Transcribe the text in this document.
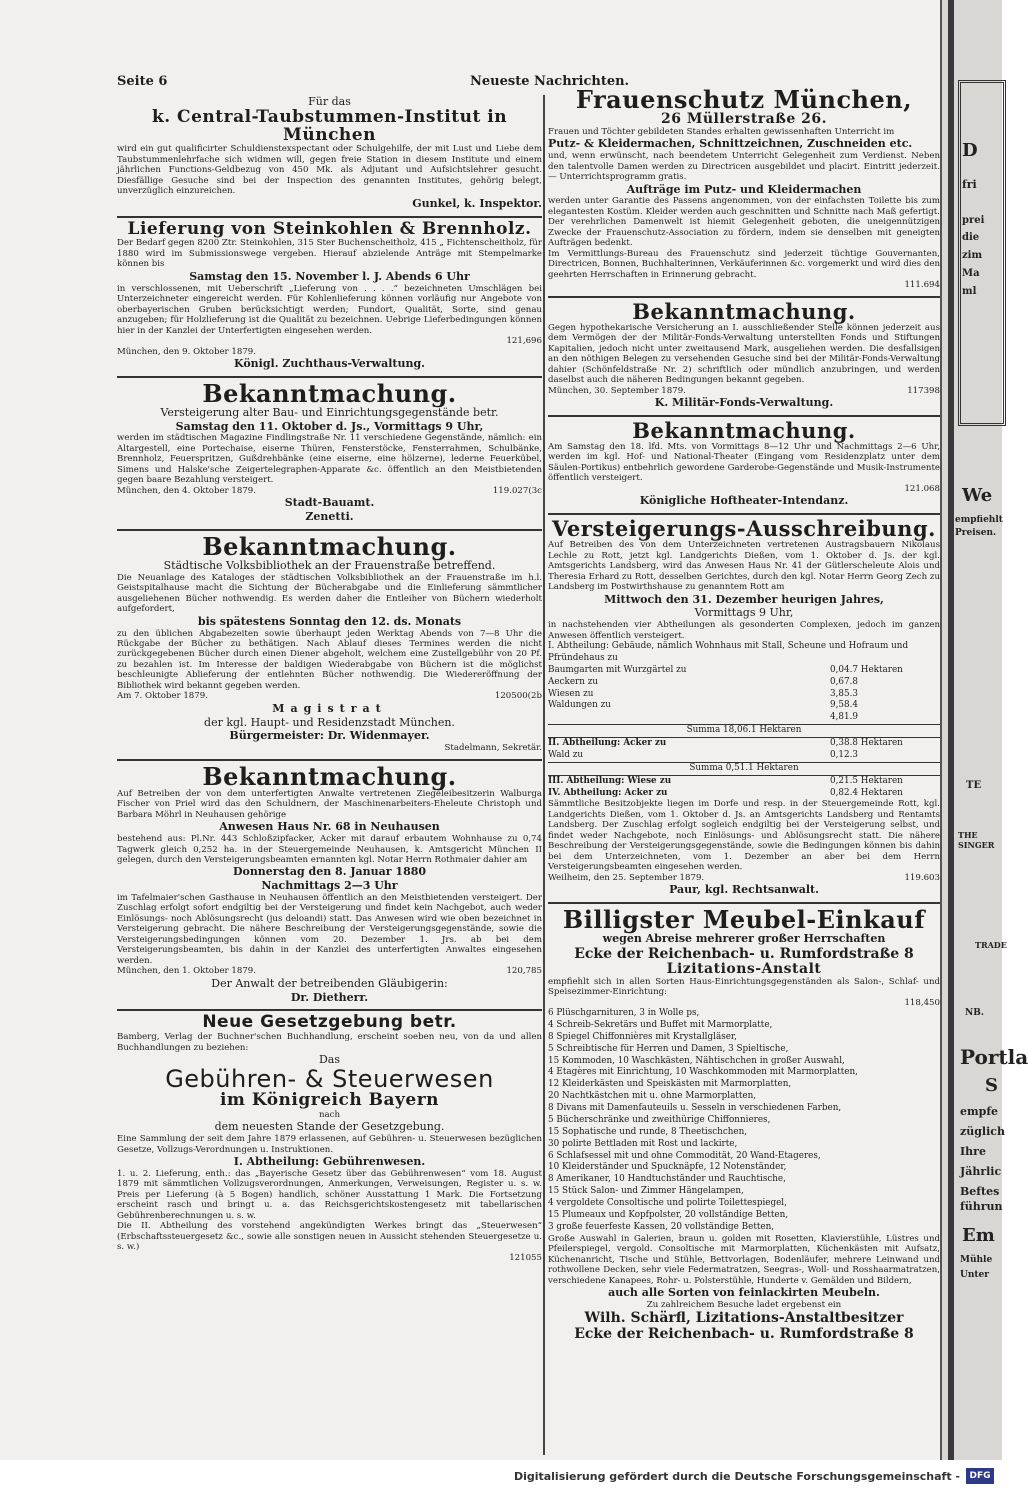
Seite 6	Neueste Nachrichten.
Für das
k. Central-Taubstummen-Institut in München
wird ein gut qualificirter Schuldienstexspectant oder Schulgehilfe, der mit Lust und Liebe dem Taubstummenlehrfache sich widmen will, gegen freie Station in diesem Institute und einem jährlichen Functions-Geldbezug von 450 Mk. als Adjutant und Aufsichtslehrer gesucht. Diesfällige Gesuche sind bei der Inspection des genannten Institutes, gehörig belegt, unverzüglich einzureichen.
Gunkel, k. Inspektor.
Lieferung von Steinkohlen & Brennholz.
Der Bedarf gegen 8200 Ztr. Steinkohlen, 315 Ster Buchenscheitholz, 415 „ Fichtenscheitholz, für 1880 wird im Submissionswege vergeben. Hierauf abzielende Anträge mit Stempelmarke können bis
Samstag den 15. November l. J. Abends 6 Uhr
in verschlossenen, mit Ueberschrift „Lieferung von . . . .“ bezeichneten Umschlägen bei Unterzeichneter eingereicht werden. Für Kohlenlieferung können vorläufig nur Angebote von oberbayerischen Gruben berücksichtigt werden; Fundort, Qualität, Sorte, sind genau anzugeben; für Holzlieferung ist die Qualität zu bezeichnen. Uebrige Lieferbedingungen können hier in der Kanzlei der Unterfertigten eingesehen werden.
121,696
München, den 9. Oktober 1879.
Königl. Zuchthaus-Verwaltung.
Bekanntmachung.
Versteigerung alter Bau- und Einrichtungsgegenstände betr.
Samstag den 11. Oktober d. Js., Vormittags 9 Uhr,
werden im städtischen Magazine Findlingstraße Nr. 11 verschiedene Gegenstände, nämlich: ein Altargestell, eine Portechaise, eiserne Thüren, Fensterstöcke, Fensterrahmen, Schulbänke, Brennholz, Feuerspritzen, Gußdrehbänke (eine eiserne, eine hölzerne), lederne Feuerkübel, Simens und Halske'sche Zeigertelegraphen-Apparate &c. öffentlich an den Meistbietenden gegen baare Bezahlung versteigert.
München, den 4. Oktober 1879.	119.027(3c
Stadt-Bauamt.
Zenetti.
Bekanntmachung.
Städtische Volksbibliothek an der Frauenstraße betreffend.
Die Neuanlage des Kataloges der städtischen Volksbibliothek an der Frauenstraße im h.l. Geistspitalhause macht die Sichtung der Bücherabgabe und die Einlieferung sämmtlicher ausgeliehenen Bücher nothwendig. Es werden daher die Entleiher von Büchern wiederholt aufgefordert,
bis spätestens Sonntag den 12. ds. Monats
zu den üblichen Abgabezeiten sowie überhaupt jeden Werktag Abends von 7—8 Uhr die Rückgabe der Bücher zu bethätigen. Nach Ablauf dieses Termines werden die nicht zurückgegebenen Bücher durch einen Diener abgeholt, welchem eine Zustellgebühr von 20 Pf. zu bezahlen ist. Im Interesse der baldigen Wiederabgabe von Büchern ist die möglichst beschleunigte Ablieferung der entlehnten Bücher nothwendig. Die Wiedereröffnung der Bibliothek wird bekannt gegeben werden.
Am 7. Oktober 1879.	120500(2b
Magistrat
der kgl. Haupt- und Residenzstadt München.
Bürgermeister: Dr. Widenmayer.
Stadelmann, Sekretär.
Bekanntmachung.
Auf Betreiben der von dem unterfertigten Anwalte vertretenen Ziegeleibesitzerin Walburga Fischer von Priel wird das den Schuldnern, der Maschinenarbeiters-Eheleute Christoph und Barbara Möhrl in Neuhausen gehörige
Anwesen Haus Nr. 68 in Neuhausen
bestehend aus: Pl.Nr. 443 Schloßzipfacker, Acker mit darauf erbautem Wohnhause zu 0,74 Tagwerk gleich 0,252 ha. in der Steuergemeinde Neuhausen, k. Amtsgericht München II gelegen, durch den Versteigerungsbeamten ernannten kgl. Notar Herrn Rothmaier dahier am
Donnerstag den 8. Januar 1880
Nachmittags 2—3 Uhr
im Tafelmaier'schen Gasthause in Neuhausen öffentlich an den Meistbietenden versteigert. Der Zuschlag erfolgt sofort endgiltig bei der Versteigerung und findet kein Nachgebot, auch weder Einlösungs- noch Ablösungsrecht (jus deloandi) statt. Das Anwesen wird wie oben bezeichnet in Versteigerung gebracht. Die nähere Beschreibung der Versteigerungsgegenstände, sowie die Versteigerungsbedingungen können vom 20. Dezember 1. Jrs. ab bei dem Versteigerungsbeamten, bis dahin in der Kanzlei des unterfertigten Anwaltes eingesehen werden.
München, den 1. Oktober 1879.	120,785
Der Anwalt der betreibenden Gläubigerin:
Dr. Dietherr.
Neue Gesetzgebung betr.
Bamberg, Verlag der Buchner'schen Buchhandlung, erscheint soeben neu, von da und allen Buchhandlungen zu beziehen:
Das
Gebühren- & Steuerwesen
im Königreich Bayern
nach
dem neuesten Stande der Gesetzgebung.
Eine Sammlung der seit dem Jahre 1879 erlassenen, auf Gebühren- u. Steuerwesen bezüglichen Gesetze, Vollzugs-Verordnungen u. Instruktionen.
I. Abtheilung: Gebührenwesen.
1. u. 2. Lieferung, enth.: das „Bayerische Gesetz über das Gebührenwesen“ vom 18. August 1879 mit sämmtlichen Vollzugsverordnungen, Anmerkungen, Verweisungen, Register u. s. w. Preis per Lieferung (à 5 Bogen) handlich, schöner Ausstattung 1 Mark. Die Fortsetzung erscheint rasch und bringt u. a. das Reichsgerichtskostengesetz mit tabellarischen Gebührenberechnungen u. s. w.
Die II. Abtheilung des vorstehend angekündigten Werkes bringt das „Steuerwesen“ (Erbschaftssteuergesetz &c., sowie alle sonstigen neuen in Aussicht stehenden Steuergesetze u. s. w.)
121055
Frauenschutz München,
26 Müllerstraße 26.
Frauen und Töchter gebildeten Standes erhalten gewissenhaften Unterricht im
Putz- & Kleidermachen, Schnittzeichnen, Zuschneiden etc.
und, wenn erwünscht, nach beendetem Unterricht Gelegenheit zum Verdienst. Neben den talentvolle Damen werden zu Directricen ausgebildet und placirt. Eintritt jederzeit. — Unterrichtsprogramm gratis.
Aufträge im Putz- und Kleidermachen
werden unter Garantie des Passens angenommen, von der einfachsten Toilette bis zum elegantesten Kostüm. Kleider werden auch geschnitten und Schnitte nach Maß gefertigt. Der verehrlichen Damenwelt ist hiemit Gelegenheit geboten, die uneigennützigen Zwecke der Frauenschutz-Association zu fördern, indem sie denselben mit geneigten Aufträgen bedenkt.
Im Vermittlungs-Bureau des Frauenschutz sind jederzeit tüchtige Gouvernanten, Directricen, Bonnen, Buchhalterinnen, Verkäuferinnen &c. vorgemerkt und wird dies den geehrten Herrschaften in Erinnerung gebracht.
111.694
Bekanntmachung.
Gegen hypothekarische Versicherung an I. ausschließender Stelle können jederzeit aus dem Vermögen der der Militär-Fonds-Verwaltung unterstellten Fonds und Stiftungen Kapitalien, jedoch nicht unter zweitausend Mark, ausgeliehen werden. Die desfallsigen an den nöthigen Belegen zu versehenden Gesuche sind bei der Militär-Fonds-Verwaltung dahier (Schönfeldstraße Nr. 2) schriftlich oder mündlich anzubringen, und werden daselbst auch die näheren Bedingungen bekannt gegeben.
München, 30. September 1879.	117398
K. Militär-Fonds-Verwaltung.
Bekanntmachung.
Am Samstag den 18. lfd. Mts. von Vormittags 8—12 Uhr und Nachmittags 2—6 Uhr, werden im kgl. Hof- und National-Theater (Eingang vom Residenzplatz unter dem Säulen-Portikus) entbehrlich gewordene Garderobe-Gegenstände und Musik-Instrumente öffentlich versteigert.
121.068
Königliche Hoftheater-Intendanz.
Versteigerungs-Ausschreibung.
Auf Betreiben des von dem Unterzeichneten vertretenen Austragsbauern Nikolaus Lechle zu Rott, jetzt kgl. Landgerichts Dießen, vom 1. Oktober d. Js. der kgl. Amtsgerichts Landsberg, wird das Anwesen Haus Nr. 41 der Gütlerscheleute Alois und Theresia Erhard zu Rott, desselben Gerichtes, durch den kgl. Notar Herrn Georg Zech zu Landsberg im Postwirthshause zu genanntem Rott am
Mittwoch den 31. Dezember heurigen Jahres,
Vormittags 9 Uhr,
in nachstehenden vier Abtheilungen als gesonderten Complexen, jedoch im ganzen Anwesen öffentlich versteigert.
I. Abtheilung: Gebäude, nämlich Wohnhaus mit Stall, Scheune und Hofraum und Pfründehaus zu
Baumgarten mit Wurzgärtel zu	0,04.7 Hektaren
Aeckern zu	0,67.8
Wiesen zu	3,85.3
Waldungen zu	9,58.4
4,81.9
Summa 18,06.1 Hektaren
II. Abtheilung: Acker zu	0,38.8 Hektaren
Wald zu	0,12.3
Summa 0,51.1 Hektaren
III. Abtheilung: Wiese zu	0,21.5 Hektaren
IV. Abtheilung: Acker zu	0,82.4 Hektaren
Sämmtliche Besitzobjekte liegen im Dorfe und resp. in der Steuergemeinde Rott, kgl. Landgerichts Dießen, vom 1. Oktober d. Js. an Amtsgerichts Landsberg und Rentamts Landsberg. Der Zuschlag erfolgt sogleich endgiltig bei der Versteigerung selbst, und findet weder Nachgebote, noch Einlösungs- und Ablösungsrecht statt. Die nähere Beschreibung der Versteigerungsgegenstände, sowie die Bedingungen können bis dahin bei dem Unterzeichneten, vom 1. Dezember an aber bei dem Herrn Versteigerungsbeamten eingesehen werden.
Weilheim, den 25. September 1879.	119.603
Paur, kgl. Rechtsanwalt.
Billigster Meubel-Einkauf
wegen Abreise mehrerer großer Herrschaften
Ecke der Reichenbach- u. Rumfordstraße 8
Lizitations-Anstalt
empfiehlt sich in allen Sorten Haus-Einrichtungsgegenständen als Salon-, Schlaf- und Speisezimmer-Einrichtung:
118,450
6 Plüschgarnituren, 3 in Wolle ps,
4 Schreib-Sekretärs und Buffet mit Marmorplatte,
8 Spiegel Chiffonnières mit Krystallgläser,
5 Schreibtische für Herren und Damen, 3 Spieltische,
15 Kommoden, 10 Waschkästen, Nähtischchen in großer Auswahl,
4 Etagères mit Einrichtung, 10 Waschkommoden mit Marmorplatten,
12 Kleiderkästen und Speiskästen mit Marmorplatten,
20 Nachtkästchen mit u. ohne Marmorplatten,
8 Divans mit Damenfauteuils u. Sesseln in verschiedenen Farben,
5 Bücherschränke und zweithürige Chiffonnieres,
15 Sophatische und runde, 8 Theetischchen,
30 polirte Bettladen mit Rost und lackirte,
6 Schlafsessel mit und ohne Commodität, 20 Wand-Etageres,
10 Kleiderständer und Spucknäpfe, 12 Notenständer,
8 Amerikaner, 10 Handtuchständer und Rauchtische,
15 Stück Salon- und Zimmer Hängelampen,
4 vergoldete Consoltische und polirte Toilettespiegel,
15 Plumeaux und Kopfpolster, 20 vollständige Betten,
3 große feuerfeste Kassen, 20 vollständige Betten,
Große Auswahl in Galerien, braun u. golden mit Rosetten, Klavierstühle, Lüstres und Pfeilerspiegel, vergold. Consoltische mit Marmorplatten, Küchenkästen mit Aufsatz, Küchenanricht, Tische und Stühle, Bettvorlagen, Bodenläufer, mehrere Leinwand und rothwollene Decken, sehr viele Federmatratzen, Seegras-, Woll- und Rosshaarmatratzen, verschiedene Kanapees, Rohr- u. Polsterstühle, Hunderte v. Gemälden und Bildern,
auch alle Sorten von feinlackirten Meubeln.
Zu zahlreichem Besuche ladet ergebenst ein
Wilh. Schärfl, Lizitations-Anstaltbesitzer
Ecke der Reichenbach- u. Rumfordstraße 8
D
fri
prei
die
zim
Ma
ml
We
empfiehlt
Preisen.
TE
THE SINGER
TRADE
NB.
Portla
S
empfe
züglich
Ihre
Jährlic
Beftes
führun
Em
Mühle
Unter
Digitalisierung gefördert durch die Deutsche Forschungsgemeinschaft -	DFG
